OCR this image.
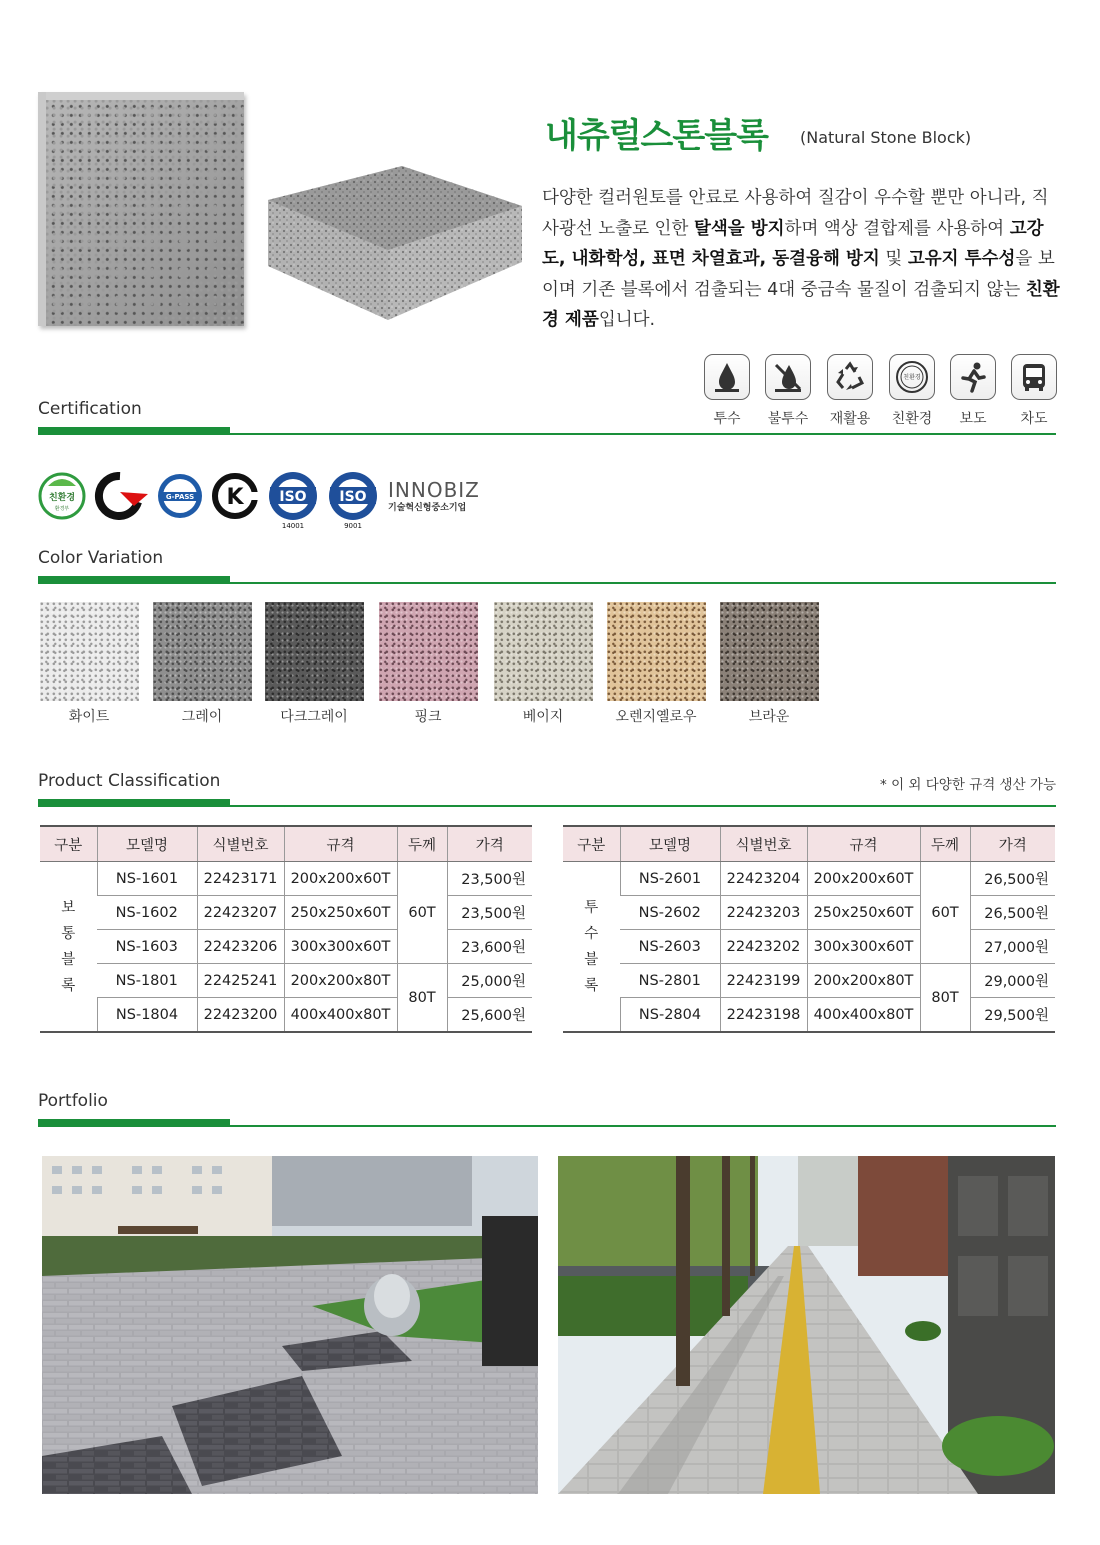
내츄럴스톤블록 (Natural Stone Block)
다양한 컬러원토를 안료로 사용하여 질감이 우수할 뿐만 아니라, 직사광선 노출로 인한 탈색을 방지하며 액상 결합제를 사용하여 고강도, 내화학성, 표면 차열효과, 동결융해 방지 및 고유지 투수성을 보이며 기존 블록에서 검출되는 4대 중금속 물질이 검출되지 않는 친환경 제품입니다.
투수	불투수	재활용
친환경
친환경	보도	차도
Certification
친환경
환경부
G-PASS K	ISO
14001
ISO
9001
INNOBIZ
기술혁신형중소기업
Color Variation
화이트	그레이	다크그레이	핑크	베이지	오렌지옐로우	브라운
Product Classification	* 이 외 다양한 규격 생산 가능
구분	모델명	식별번호	규격	두께	가격
보
통
블
록	NS-1601	22423171	200x200x60T	60T	23,500원
	NS-1602	22423207	250x250x60T		23,500원
	NS-1603	22423206	300x300x60T		23,600원
	NS-1801	22425241	200x200x80T	80T	25,000원
	NS-1804	22423200	400x400x80T		25,600원
구분	모델명	식별번호	규격	두께	가격
투
수
블
록	NS-2601	22423204	200x200x60T	60T	26,500원
	NS-2602	22423203	250x250x60T		26,500원
	NS-2603	22423202	300x300x60T		27,000원
	NS-2801	22423199	200x200x80T	80T	29,000원
	NS-2804	22423198	400x400x80T		29,500원
Portfolio
